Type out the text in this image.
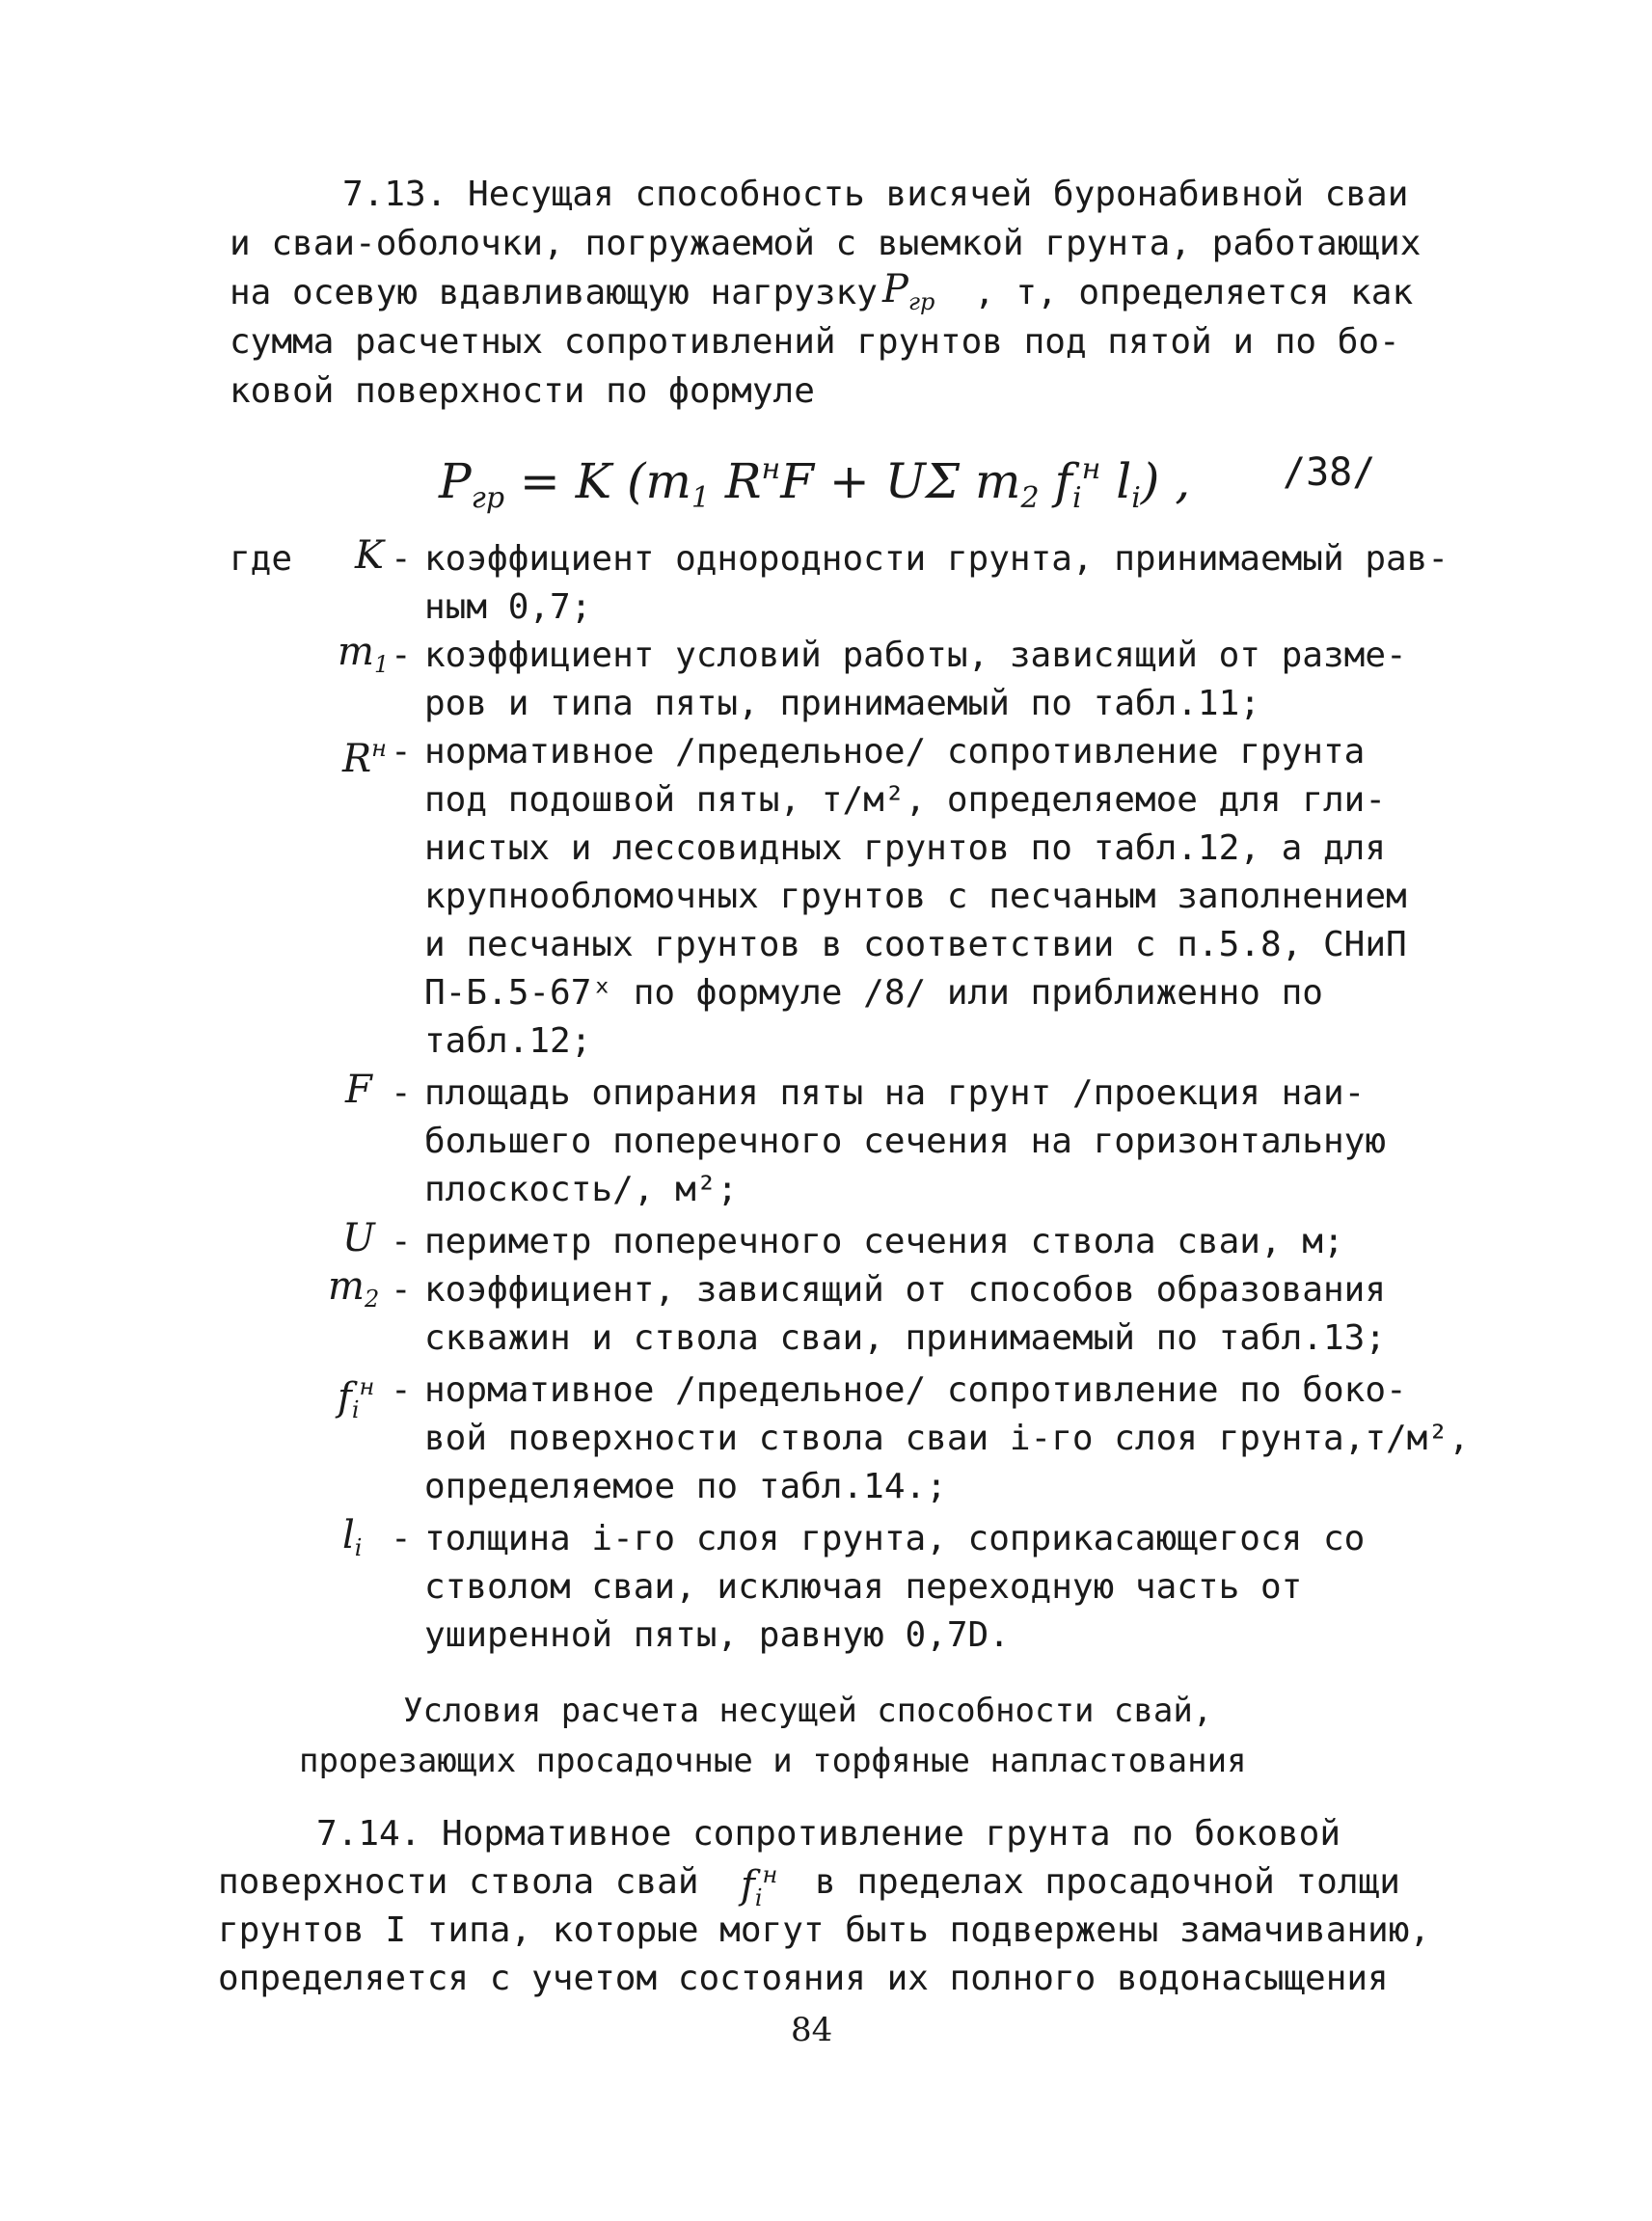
7.13. Несущая способность висячей буронабивной сваи
и сваи-оболочки, погружаемой с выемкой грунта, работающих
на осевую вдавливающую нагрузку $P_{гр}$ , т, определяется как
сумма расчетных сопротивлений грунтов под пятой и по бо-
ковой поверхности по формуле
$P_{гр} = K$ ($m_1$ $R^нF + U\Sigma$ $m_2$ $f_i^н$ $l_i$) , /38/
где K - коэффициент однородности грунта, принимаемый рав-
ным 0,7;
$m_1$ - коэффициент условий работы, зависящий от разме-
ров и типа пяты, принимаемый по табл.11;
$R^н$ - нормативное /предельное/ сопротивление грунта
под подошвой пяты, т/м², определяемое для гли-
нистых и лессовидных грунтов по табл.12, а для
крупнообломочных грунтов с песчаным заполнением
и песчаных грунтов в соответствии с п.5.8, СНиП
П-Б.5-67ˣ по формуле /8/ или приближенно по
табл.12;
F - площадь опирания пяты на грунт /проекция наи-
большего поперечного сечения на горизонтальную
плоскость/, м²;
U - периметр поперечного сечения ствола сваи, м;
$m_2$ - коэффициент, зависящий от способов образования
скважин и ствола сваи, принимаемый по табл.13;
$f_i^н$ - нормативное /предельное/ сопротивление по боко-
вой поверхности ствола сваи i-го слоя грунта,т/м²,
определяемое по табл.14.;
$l_i$ - толщина i-го слоя грунта, соприкасающегося со
стволом сваи, исключая переходную часть от
уширенной пяты, равную 0,7D.
Условия расчета несущей способности свай,
прорезающих просадочные и торфяные напластования
7.14. Нормативное сопротивление грунта по боковой
поверхности ствола свай $f_i^н$ в пределах просадочной толщи
грунтов I типа, которые могут быть подвержены замачиванию,
определяется с учетом состояния их полного водонасыщения
84
